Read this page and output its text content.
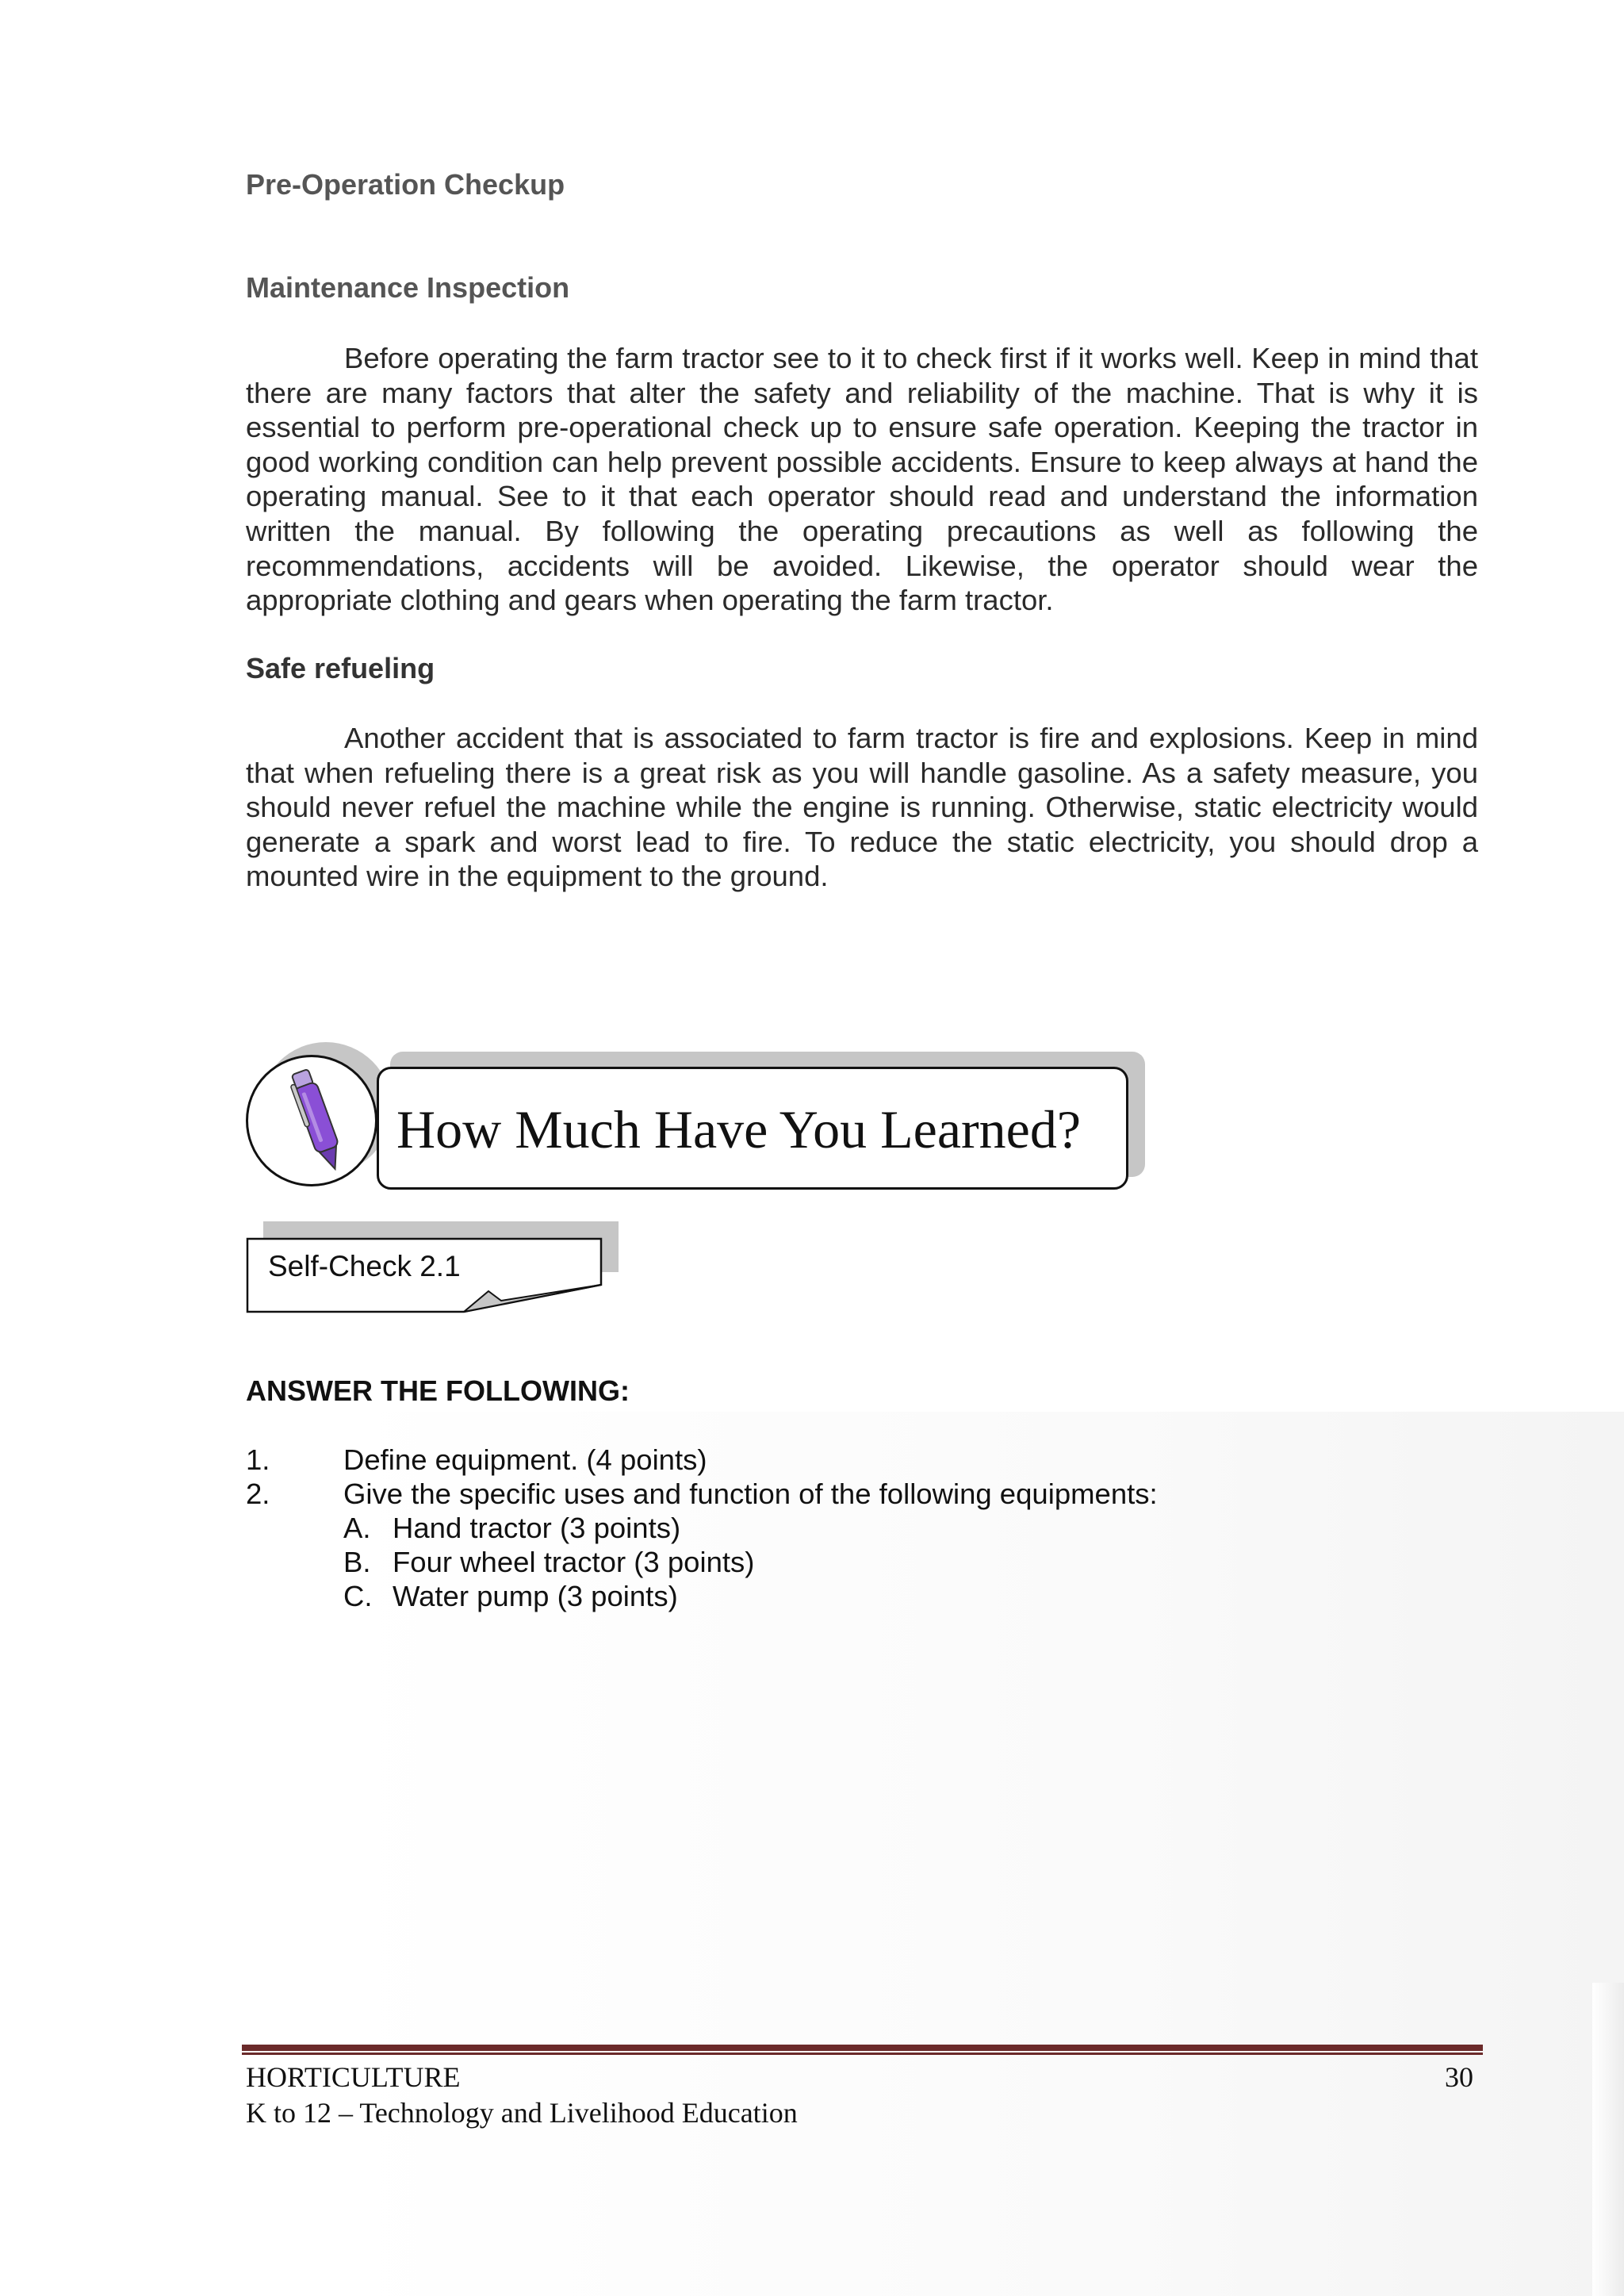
Pre-Operation Checkup
Maintenance Inspection
Before operating the farm tractor see to it to check first if it works well. Keep in mind that there are many factors that alter the safety and reliability of the machine. That is why it is essential to perform pre-operational check up to ensure safe operation. Keeping the tractor in good working condition can help prevent possible accidents. Ensure to keep always at hand the operating manual. See to it that each operator should read and understand the information written the manual. By following the operating precautions as well as following the recommendations, accidents will be avoided. Likewise, the operator should wear the appropriate clothing and gears when operating the farm tractor.
Safe refueling
Another accident that is associated to farm tractor is fire and explosions. Keep in mind that when refueling there is a great risk as you will handle gasoline. As a safety measure, you should never refuel the machine while the engine is running. Otherwise, static electricity would generate a spark and worst lead to fire. To reduce the static electricity, you should drop a mounted wire in the equipment to the ground.
How Much Have You Learned?
Self-Check 2.1
ANSWER THE FOLLOWING:
1.	Define equipment. (4 points)
2.	Give the specific uses and function of the following equipments:
A. Hand tractor (3 points)
B. Four wheel tractor (3 points)
C. Water pump (3 points)
HORTICULTURE
K to 12 – Technology and Livelihood Education
30
